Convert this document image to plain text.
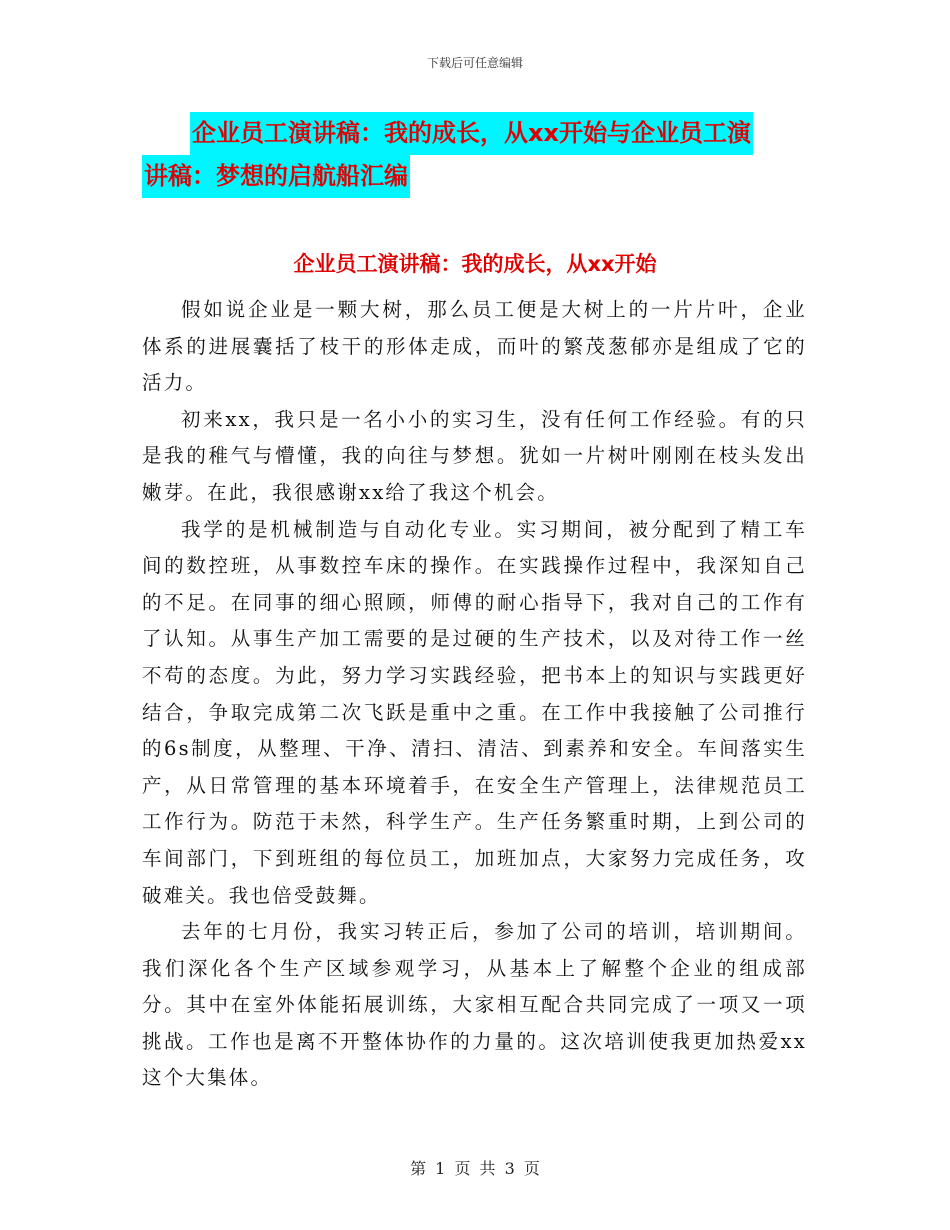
下载后可任意编辑
企业员工演讲稿：我的成长，从xx开始与企业员工演
讲稿：梦想的启航船汇编
企业员工演讲稿：我的成长，从xx开始

假如说企业是一颗大树，那么员工便是大树上的一片片叶，企业体系的进展囊括了枝干的形体走成，而叶的繁茂葱郁亦是组成了它的活力。

初来xx，我只是一名小小的实习生，没有任何工作经验。有的只是我的稚气与懵懂，我的向往与梦想。犹如一片树叶刚刚在枝头发出嫩芽。在此，我很感谢xx给了我这个机会。

我学的是机械制造与自动化专业。实习期间，被分配到了精工车间的数控班，从事数控车床的操作。在实践操作过程中，我深知自己的不足。在同事的细心照顾，师傅的耐心指导下，我对自己的工作有了认知。从事生产加工需要的是过硬的生产技术，以及对待工作一丝不苟的态度。为此，努力学习实践经验，把书本上的知识与实践更好结合，争取完成第二次飞跃是重中之重。在工作中我接触了公司推行的6s制度，从整理、干净、清扫、清洁、到素养和安全。车间落实生产，从日常管理的基本环境着手，在安全生产管理上，法律规范员工工作行为。防范于未然，科学生产。生产任务繁重时期，上到公司的车间部门，下到班组的每位员工，加班加点，大家努力完成任务，攻破难关。我也倍受鼓舞。

去年的七月份，我实习转正后，参加了公司的培训，培训期间。我们深化各个生产区域参观学习，从基本上了解整个企业的组成部分。其中在室外体能拓展训练，大家相互配合共同完成了一项又一项挑战。工作也是离不开整体协作的力量的。这次培训使我更加热爱xx这个大集体。

第 1 页 共 3 页
